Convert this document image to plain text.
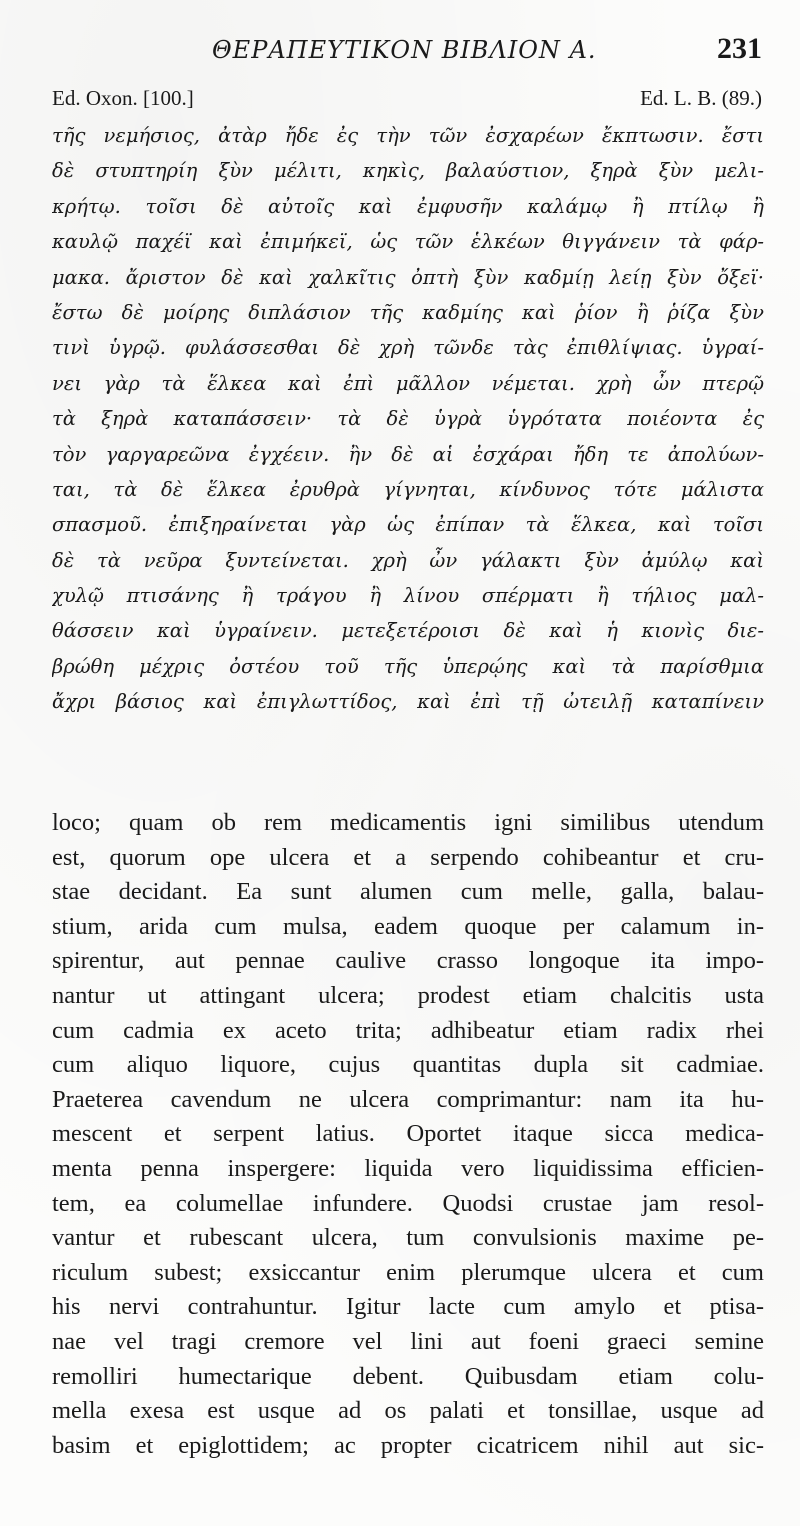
ΘΕΡΑΠΕΥΤΙΚΟΝ ΒΙΒΛΙΟΝ Α.	231
Ed. Oxon. [100.]	Ed. L. B. (89.)
τῆς νεμήσιος, ἀτὰρ ἤδε ἐς τὴν τῶν ἐσχαρέων ἔκπτωσιν. ἔστι
δὲ στυπτηρίη ξὺν μέλιτι, κηκὶς, βαλαύστιον, ξηρὰ ξὺν μελι-
κρήτῳ. τοῖσι δὲ αὐτοῖς καὶ ἐμφυσῆν καλάμῳ ἢ πτίλῳ ἢ
καυλῷ παχέϊ καὶ ἐπιμήκεϊ, ὡς τῶν ἑλκέων θιγγάνειν τὰ φάρ-
μακα. ἄριστον δὲ καὶ χαλκῖτις ὀπτὴ ξὺν καδμίῃ λείῃ ξὺν ὄξεϊ·
ἔστω δὲ μοίρης διπλάσιον τῆς καδμίης καὶ ῥίον ἢ ῥίζα ξὺν
τινὶ ὑγρῷ. φυλάσσεσθαι δὲ χρὴ τῶνδε τὰς ἐπιθλίψιας. ὑγραί-
νει γὰρ τὰ ἕλκεα καὶ ἐπὶ μᾶλλον νέμεται. χρὴ ὦν πτερῷ
τὰ ξηρὰ καταπάσσειν· τὰ δὲ ὑγρὰ ὑγρότατα ποιέοντα ἐς
τὸν γαργαρεῶνα ἐγχέειν. ἢν δὲ αἱ ἐσχάραι ἤδη τε ἀπολύων-
ται, τὰ δὲ ἕλκεα ἐρυθρὰ γίγνηται, κίνδυνος τότε μάλιστα
σπασμοῦ. ἐπιξηραίνεται γὰρ ὡς ἐπίπαν τὰ ἕλκεα, καὶ τοῖσι
δὲ τὰ νεῦρα ξυντείνεται. χρὴ ὦν γάλακτι ξὺν ἀμύλῳ καὶ
χυλῷ πτισάνης ἢ τράγου ἢ λίνου σπέρματι ἢ τήλιος μαλ-
θάσσειν καὶ ὑγραίνειν. μετεξετέροισι δὲ καὶ ἡ κιονὶς διε-
βρώθη μέχρις ὀστέου τοῦ τῆς ὑπερῴης καὶ τὰ παρίσθμια
ἄχρι βάσιος καὶ ἐπιγλωττίδος, καὶ ἐπὶ τῇ ὠτειλῇ καταπίνειν
loco; quam ob rem medicamentis igni similibus utendum
est, quorum ope ulcera et a serpendo cohibeantur et cru-
stae decidant. Ea sunt alumen cum melle, galla, balau-
stium, arida cum mulsa, eadem quoque per calamum in-
spirentur, aut pennae caulive crasso longoque ita impo-
nantur ut attingant ulcera; prodest etiam chalcitis usta
cum cadmia ex aceto trita; adhibeatur etiam radix rhei
cum aliquo liquore, cujus quantitas dupla sit cadmiae.
Praeterea cavendum ne ulcera comprimantur: nam ita hu-
mescent et serpent latius. Oportet itaque sicca medica-
menta penna inspergere: liquida vero liquidissima efficien-
tem, ea columellae infundere. Quodsi crustae jam resol-
vantur et rubescant ulcera, tum convulsionis maxime pe-
riculum subest; exsiccantur enim plerumque ulcera et cum
his nervi contrahuntur. Igitur lacte cum amylo et ptisa-
nae vel tragi cremore vel lini aut foeni graeci semine
remolliri humectarique debent. Quibusdam etiam colu-
mella exesa est usque ad os palati et tonsillae, usque ad
basim et epiglottidem; ac propter cicatricem nihil aut sic-
